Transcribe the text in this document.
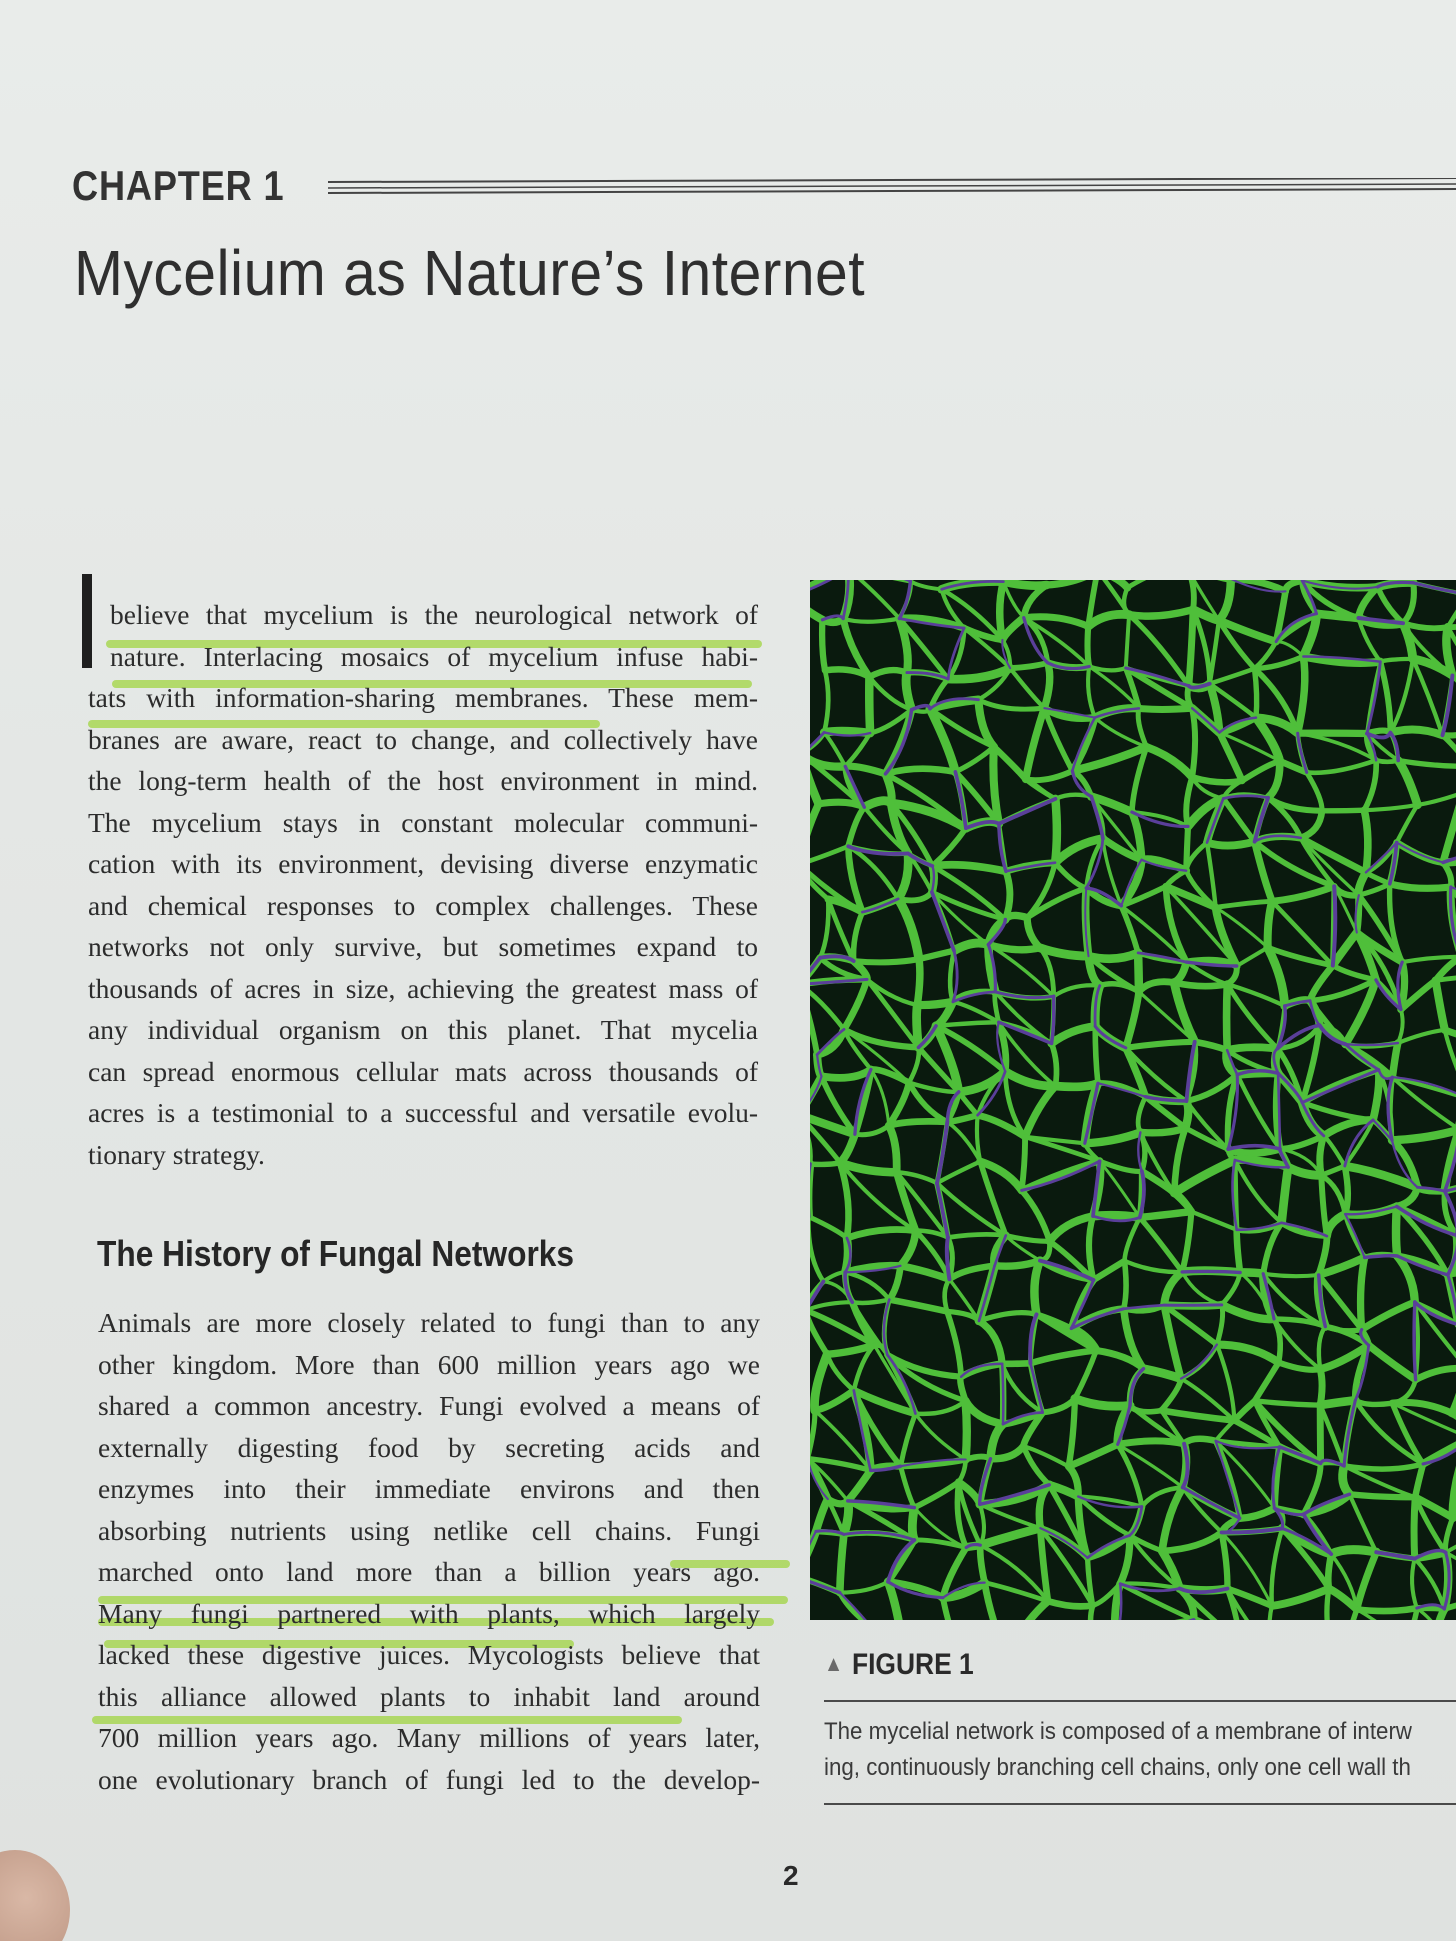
CHAPTER 1
Mycelium as Nature’s Internet
believe that mycelium is the neurological network of
nature. Interlacing mosaics of mycelium infuse habi-
tats with information-sharing membranes. These mem-
branes are aware, react to change, and collectively have
the long-term health of the host environment in mind.
The mycelium stays in constant molecular communi-
cation with its environment, devising diverse enzymatic
and chemical responses to complex challenges. These
networks not only survive, but sometimes expand to
thousands of acres in size, achieving the greatest mass of
any individual organism on this planet. That mycelia
can spread enormous cellular mats across thousands of
acres is a testimonial to a successful and versatile evolu-
tionary strategy.
The History of Fungal Networks
Animals are more closely related to fungi than to any
other kingdom. More than 600 million years ago we
shared a common ancestry. Fungi evolved a means of
externally digesting food by secreting acids and
enzymes into their immediate environs and then
absorbing nutrients using netlike cell chains. Fungi
marched onto land more than a billion years ago.
Many fungi partnered with plants, which largely
lacked these digestive juices. Mycologists believe that
this alliance allowed plants to inhabit land around
700 million years ago. Many millions of years later,
one evolutionary branch of fungi led to the develop-
▲ FIGURE 1
The mycelial network is composed of a membrane of interw
ing, continuously branching cell chains, only one cell wall th
2
